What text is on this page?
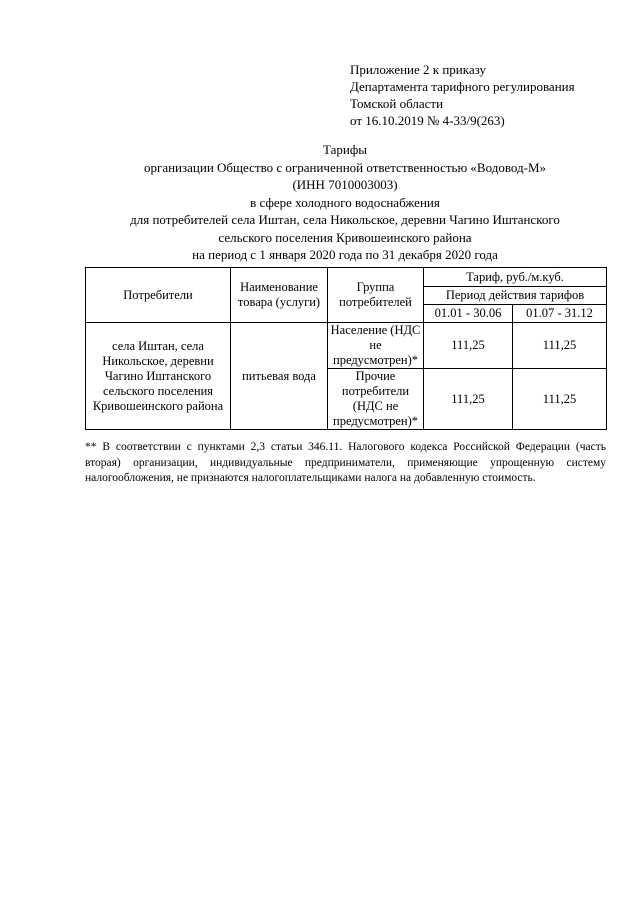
Приложение 2 к приказу
Департамента тарифного регулирования
Томской области
от 16.10.2019 № 4-33/9(263)
Тарифы
организации Общество с ограниченной ответственностью «Водовод-М»
(ИНН 7010003003)
в сфере холодного водоснабжения
для потребителей села Иштан, села Никольское, деревни Чагино Иштанского
сельского поселения Кривошеинского района
на период с 1 января 2020 года по 31 декабря 2020 года
Потребители	Наименование товара (услуги)	Группа потребителей	Тариф, руб./м.куб.	
			Период действия тарифов	
			01.01 - 30.06	01.07 - 31.12
села Иштан, села Никольское, деревни Чагино Иштанского сельского поселения Кривошеинского района	питьевая вода	Население (НДС не предусмотрен)*	111,25	111,25
		Прочие потребители (НДС не предусмотрен)*	111,25	111,25
** В соответствии с пунктами 2,3 статьи 346.11. Налогового кодекса Российской Федерации (часть вторая) организации, индивидуальные предприниматели, применяющие упрощенную систему налогообложения, не признаются налогоплательщиками налога на добавленную стоимость.
